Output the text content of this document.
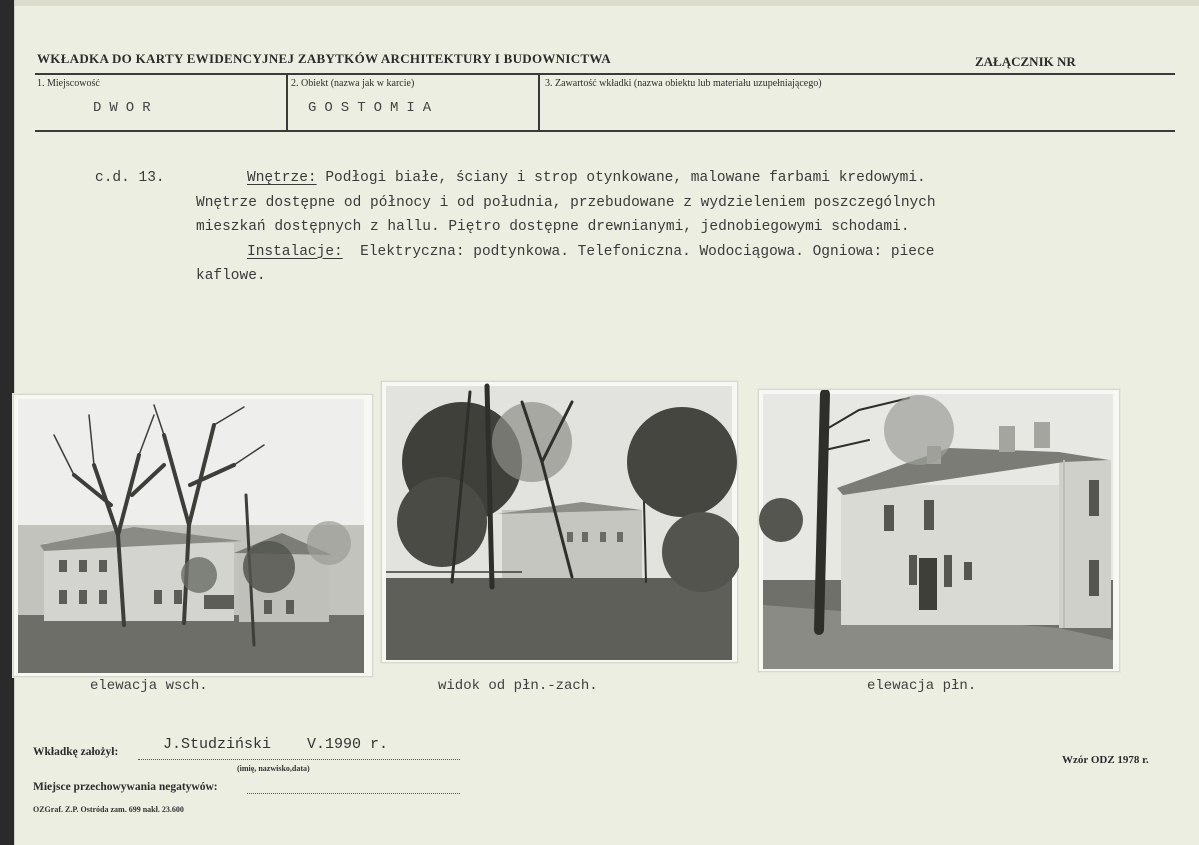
WKŁADKA DO KARTY EWIDENCYJNEJ ZABYTKÓW ARCHITEKTURY I BUDOWNICTWA	ZAŁĄCZNIK NR
1. Miejscowość
DWOR
2. Obiekt (nazwa jak w karcie)
GOSTOMIA
3. Zawartość wkładki (nazwa obiektu lub materiału uzupełniającego)
c.d. 13.	Wnętrze: Podłogi białe, ściany i strop otynkowane, malowane farbami kredowymi.
Wnętrze dostępne od północy i od południa, przebudowane z wydzieleniem poszczególnych
mieszkań dostępnych z hallu. Piętro dostępne drewnianymi, jednobiegowymi schodami.
Instalacje:  Elektryczna: podtynkowa. Telefoniczna. Wodociągowa. Ogniowa: piece
kaflowe.
elewacja wsch.	widok od płn.-zach.	elewacja płn.
Wkładkę założył:	J.Studziński    V.1990 r.
(imię, nazwisko,data)
Miejsce przechowywania negatywów:
OZGraf. Z.P. Ostróda zam. 699 nakł. 23.600
Wzór ODZ 1978 r.
